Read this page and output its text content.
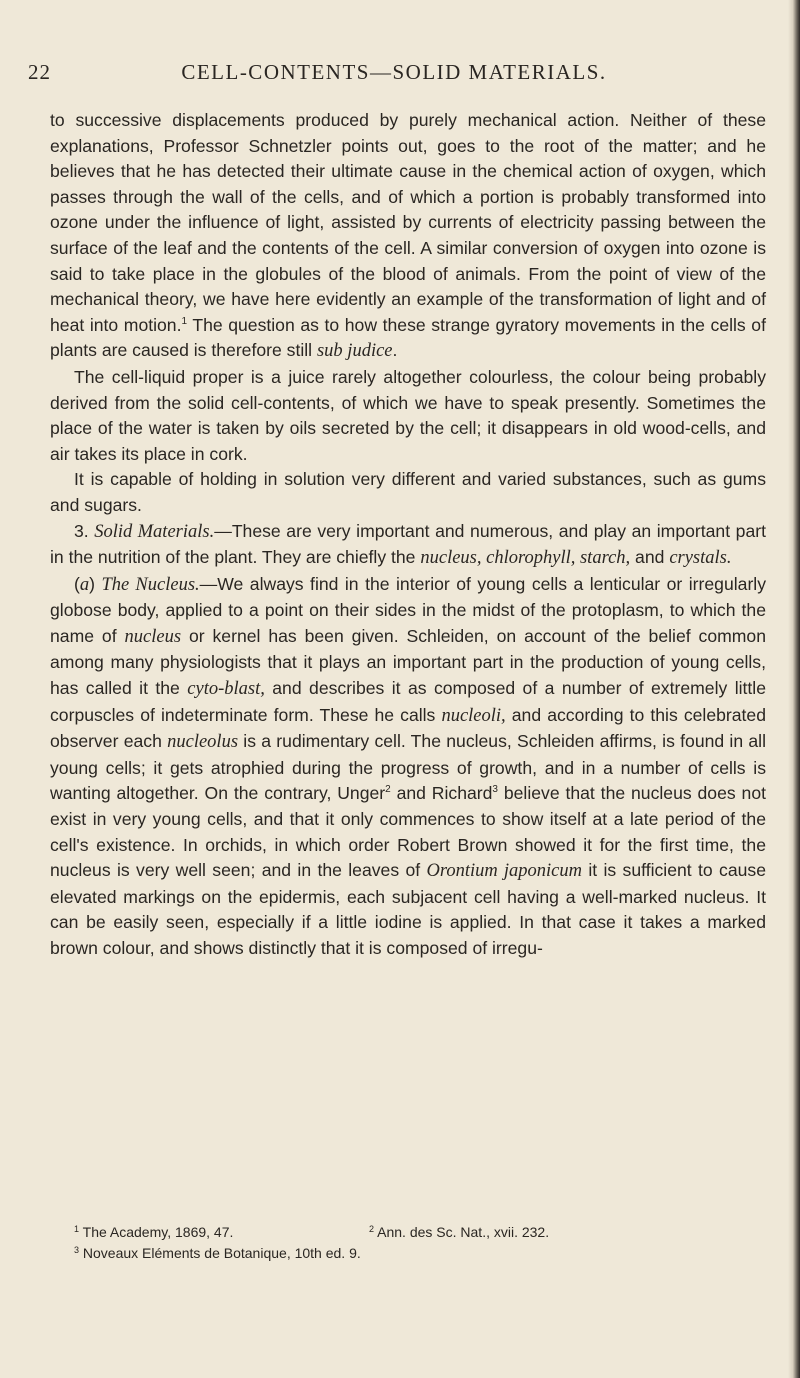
22	CELL-CONTENTS—SOLID MATERIALS.

to successive displacements produced by purely mechanical action. Neither of these explanations, Professor Schnetzler points out, goes to the root of the matter; and he believes that he has detected their ultimate cause in the chemical action of oxygen, which passes through the wall of the cells, and of which a portion is probably transformed into ozone under the influence of light, assisted by currents of electricity passing between the surface of the leaf and the contents of the cell. A similar conversion of oxygen into ozone is said to take place in the globules of the blood of animals. From the point of view of the mechanical theory, we have here evidently an example of the transformation of light and of heat into motion.$^1$ The question as to how these strange gyratory movements in the cells of plants are caused is therefore still sub judice.

The cell-liquid proper is a juice rarely altogether colourless, the colour being probably derived from the solid cell-contents, of which we have to speak presently. Sometimes the place of the water is taken by oils secreted by the cell; it disappears in old wood-cells, and air takes its place in cork.

It is capable of holding in solution very different and varied substances, such as gums and sugars.

3. Solid Materials.—These are very important and numerous, and play an important part in the nutrition of the plant. They are chiefly the nucleus, chlorophyll, starch, and crystals.

(a) The Nucleus.—We always find in the interior of young cells a lenticular or irregularly globose body, applied to a point on their sides in the midst of the protoplasm, to which the name of nucleus or kernel has been given. Schleiden, on account of the belief common among many physiologists that it plays an important part in the production of young cells, has called it the cyto-blast, and describes it as composed of a number of extremely little corpuscles of indeterminate form. These he calls nucleoli, and according to this celebrated observer each nucleolus is a rudimentary cell. The nucleus, Schleiden affirms, is found in all young cells; it gets atrophied during the progress of growth, and in a number of cells is wanting altogether. On the contrary, Unger$^2$ and Richard$^3$ believe that the nucleus does not exist in very young cells, and that it only commences to show itself at a late period of the cell's existence. In orchids, in which order Robert Brown showed it for the first time, the nucleus is very well seen; and in the leaves of Orontium japonicum it is sufficient to cause elevated markings on the epidermis, each subjacent cell having a well-marked nucleus. It can be easily seen, especially if a little iodine is applied. In that case it takes a marked brown colour, and shows distinctly that it is composed of irregu-

$^1$ The Academy, 1869, 47.	$^2$ Ann. des Sc. Nat., xvii. 232.
$^3$ Noveaux Eléments de Botanique, 10th ed. 9.
